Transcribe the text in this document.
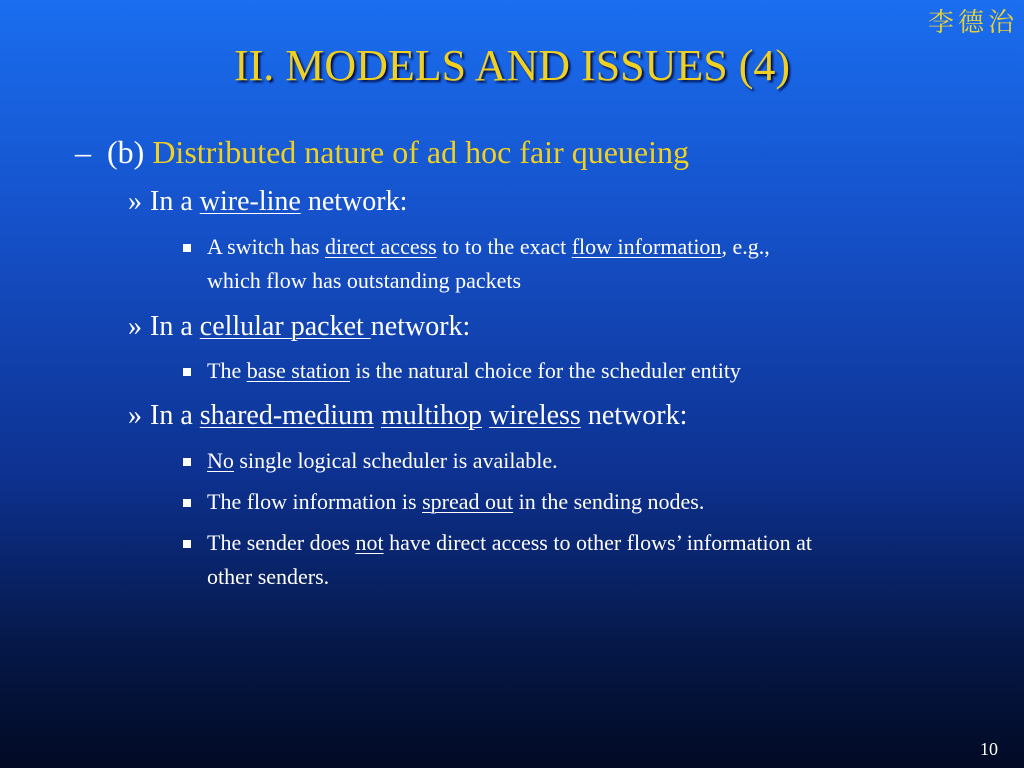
李德治
II. MODELS AND ISSUES (4)
– (b) Distributed nature of ad hoc fair queueing
» In a wire-line network:
A switch has direct access to to the exact flow information, e.g.,
which flow has outstanding packets
» In a cellular packet network:
The base station is the natural choice for the scheduler entity
» In a shared-medium multihop wireless network:
No single logical scheduler is available.
The flow information is spread out in the sending nodes.
The sender does not have direct access to other flows’ information at
other senders.
10
